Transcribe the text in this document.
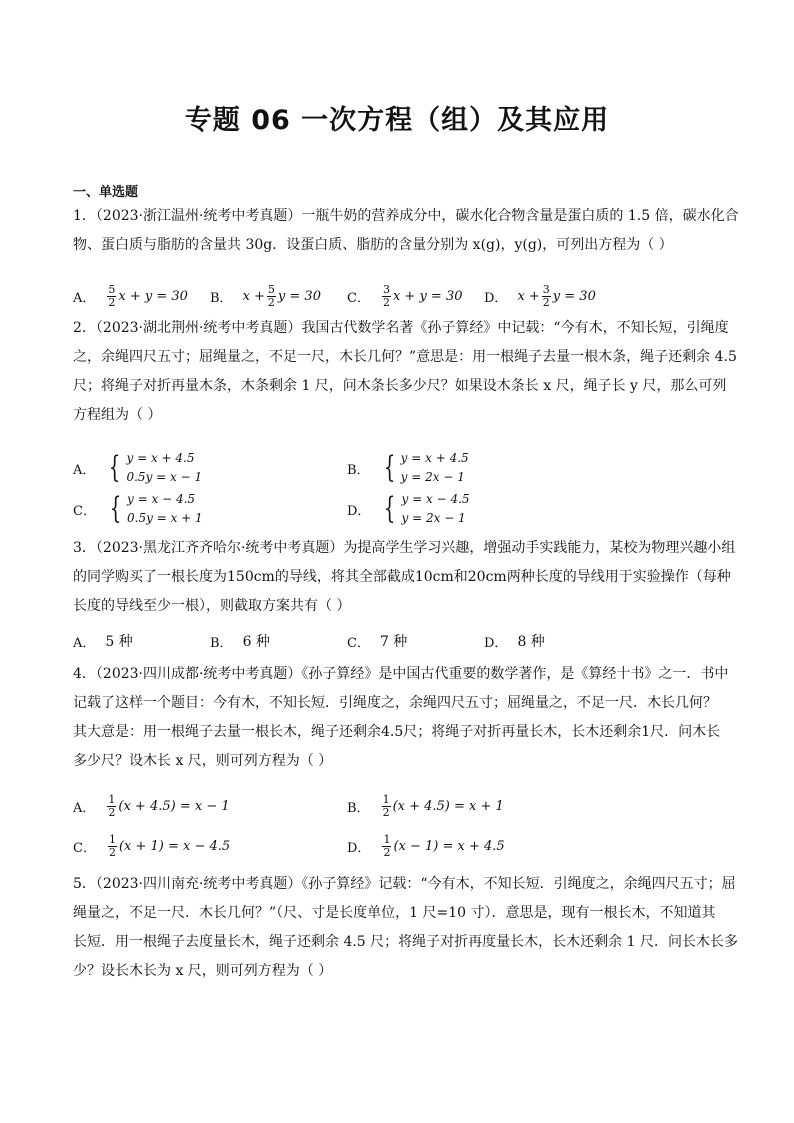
专题 06 一次方程（组）及其应用
一、单选题
1．（2023·浙江温州·统考中考真题）一瓶牛奶的营养成分中，碳水化合物含量是蛋白质的 1.5 倍，碳水化合
物、蛋白质与脂肪的含量共 30g．设蛋白质、脂肪的含量分别为 x(g)，y(g)，可列出方程为（ ）
A． $\frac{5}{2}$ x + y = 30 B． $x + \frac{5}{2}$ y = 30 C． $\frac{3}{2}$ x + y = 30 D． $x + \frac{3}{2}$ y = 30
2．（2023·湖北荆州·统考中考真题）我国古代数学名著《孙子算经》中记载：“今有木，不知长短，引绳度
之，余绳四尺五寸；屈绳量之，不足一尺，木长几何？”意思是：用一根绳子去量一根木条，绳子还剩余 4.5
尺；将绳子对折再量木条，木条剩余 1 尺，问木条长多少尺？如果设木条长 x 尺，绳子长 y 尺，那么可列
方程组为（ ）
A． { y = x + 4.5
0.5y = x − 1	B． { y = x + 4.5
y = 2x − 1
C． { y = x − 4.5
0.5y = x + 1	D． { y = x − 4.5
y = 2x − 1
3．（2023·黑龙江齐齐哈尔·统考中考真题）为提高学生学习兴趣，增强动手实践能力，某校为物理兴趣小组
的同学购买了一根长度为150cm的导线，将其全部截成10cm和20cm两种长度的导线用于实验操作（每种
长度的导线至少一根），则截取方案共有（ ）
A． 5 种	B． 6 种	C． 7 种	D． 8 种
4．（2023·四川成都·统考中考真题）《孙子算经》是中国古代重要的数学著作，是《算经十书》之一．书中
记载了这样一个题目：今有木，不知长短．引绳度之，余绳四尺五寸；屈绳量之，不足一尺．木长几何？
其大意是：用一根绳子去量一根长木，绳子还剩余4.5尺；将绳子对折再量长木，长木还剩余1尺．问木长
多少尺？设木长 x 尺，则可列方程为（ ）
A． $\frac{1}{2} (x + 4.5) = x - 1$	B． $\frac{1}{2} (x + 4.5) = x + 1$
C． $\frac{1}{2} (x + 1) = x - 4.5$	D． $\frac{1}{2} (x - 1) = x + 4.5$
5．（2023·四川南充·统考中考真题）《孙子算经》记载：“今有木，不知长短．引绳度之，余绳四尺五寸；屈
绳量之，不足一尺．木长几何？”（尺、寸是长度单位，1 尺=10 寸）．意思是，现有一根长木，不知道其
长短．用一根绳子去度量长木，绳子还剩余 4.5 尺；将绳子对折再度量长木，长木还剩余 1 尺．问长木长多
少？设长木长为 x 尺，则可列方程为（ ）
